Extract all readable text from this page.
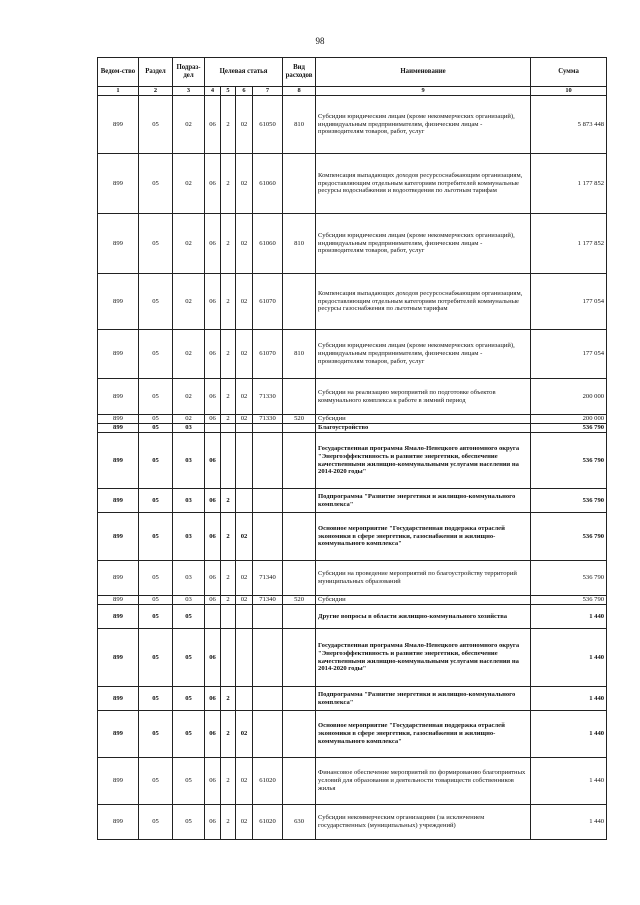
98
Ведом-ство	Раздел	Подраз-дел	Целевая статья				Вид расходов	Наименование	Сумма
1	2	3	4	5	6	7	8	9	10
899	05	02	06	2	02	61050	810	Субсидии юридическим лицам (кроме некоммерческих организаций), индивидуальным предпринимателям, физическим лицам - производителям товаров, работ, услуг	5 873 448
899	05	02	06	2	02	61060		Компенсация выпадающих доходов ресурсоснабжающим организациям, предоставляющим отдельным категориям потребителей коммунальные ресурсы водоснабжения и водоотведения по льготным тарифам	1 177 852
899	05	02	06	2	02	61060	810	Субсидии юридическим лицам (кроме некоммерческих организаций), индивидуальным предпринимателям, физическим лицам - производителям товаров, работ, услуг	1 177 852
899	05	02	06	2	02	61070		Компенсация выпадающих доходов ресурсоснабжающим организациям, предоставляющим отдельным категориям потребителей коммунальные ресурсы газоснабжения по льготным тарифам	177 054
899	05	02	06	2	02	61070	810	Субсидии юридическим лицам (кроме некоммерческих организаций), индивидуальным предпринимателям, физическим лицам - производителям товаров, работ, услуг	177 054
899	05	02	06	2	02	71330		Субсидии на реализацию мероприятий по подготовке объектов коммунального комплекса к работе в зимний период	200 000
899	05	02	06	2	02	71330	520	Субсидии	200 000
899	05	03						Благоустройство	536 790
899	05	03	06					Государственная программа Ямало-Ненецкого автономного округа "Энергоэффективность и развитие энергетики, обеспечение качественными жилищно-коммунальными услугами населения на 2014-2020 годы"	536 790
899	05	03	06	2				Подпрограмма "Развитие энергетики и жилищно-коммунального комплекса"	536 790
899	05	03	06	2	02			Основное мероприятие "Государственная поддержка отраслей экономики в сфере энергетики, газоснабжения и жилищно-коммунального комплекса"	536 790
899	05	03	06	2	02	71340		Субсидии на проведение мероприятий по благоустройству территорий муниципальных образований	536 790
899	05	03	06	2	02	71340	520	Субсидии	536 790
899	05	05						Другие вопросы в области жилищно-коммунального хозяйства	1 440
899	05	05	06					Государственная программа Ямало-Ненецкого автономного округа "Энергоэффективность и развитие энергетики, обеспечение качественными жилищно-коммунальными услугами населения на 2014-2020 годы"	1 440
899	05	05	06	2				Подпрограмма "Развитие энергетики и жилищно-коммунального комплекса"	1 440
899	05	05	06	2	02			Основное мероприятие "Государственная поддержка отраслей экономики в сфере энергетики, газоснабжения и жилищно-коммунального комплекса"	1 440
899	05	05	06	2	02	61020		Финансовое обеспечение мероприятий по формированию благоприятных условий для образования и деятельности товариществ собственников жилья	1 440
899	05	05	06	2	02	61020	630	Субсидии некоммерческим организациям (за исключением государственных (муниципальных) учреждений)	1 440
